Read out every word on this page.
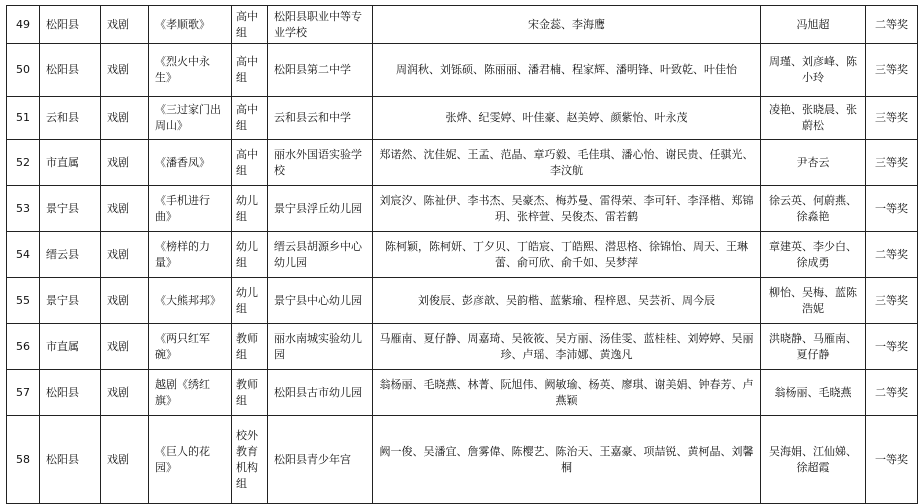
49	松阳县	戏剧	《孝顺歌》	高中组	松阳县职业中等专业学校	宋金蕊、李海鹰	冯旭超	二等奖
50	松阳县	戏剧	《烈火中永生》	高中组	松阳县第二中学	周润秋、刘铄硕、陈丽丽、潘君楠、程家辉、潘明锋、叶致乾、叶佳怡	周瑾、刘彦峰、陈小玲	三等奖
51	云和县	戏剧	《三过家门出周山》	高中组	云和县云和中学	张烨、纪雯婷、叶佳豪、赵美婷、颜紫怡、叶永茂	凌艳、张晓晨、张蔚松	三等奖
52	市直属	戏剧	《潘香凤》	高中组	丽水外国语实验学校	郑诺然、沈佳妮、王孟、范晶、章巧毅、毛佳琪、潘心怡、谢民贵、任骐光、李汶航	尹杏云	三等奖
53	景宁县	戏剧	《手机进行曲》	幼儿组	景宁县浮丘幼儿园	刘宸汐、陈祉伊、李书杰、吴豪杰、梅苏曼、雷得荣、李可轩、李泽楷、郑锦玥、张梓萱、吴俊杰、雷若鹤	徐云英、何蔚燕、徐淼艳	一等奖
54	缙云县	戏剧	《榜样的力量》	幼儿组	缙云县胡源乡中心幼儿园	陈柯颖，陈柯妍、丁夕贝、丁皓宸、丁皓熙、潜思格、徐锦怡、周天、王琳蕾、俞可欣、俞千如、吴梦萍	章建英、李少白、徐成勇	二等奖
55	景宁县	戏剧	《大熊邦邦》	幼儿组	景宁县中心幼儿园	刘俊辰、彭彦歆、吴韵楷、蓝紫瑜、程梓恩、吴芸祈、周今辰	柳怡、吴梅、蓝陈浩妮	三等奖
56	市直属	戏剧	《两只红军碗》	教师组	丽水南城实验幼儿园	马雁南、夏仔静、周嘉琦、吴筱筱、吴方丽、汤佳雯、蓝桂桂、刘婷婷、吴丽珍、卢瑶、李沛娜、黄逸凡	洪晓静、马雁南、夏仔静	一等奖
57	松阳县	戏剧	越剧《绣红旗》	教师组	松阳县古市幼儿园	翁杨丽、毛晓燕、林菁、阮旭伟、阙敏瑜、杨英、廖琪、谢美娟、钟春芳、卢燕颖	翁杨丽、毛晓燕	二等奖
58	松阳县	戏剧	《巨人的花园》	校外教育机构组	松阳县青少年宫	阙一俊、吴潘宜、詹雾偉、陈樱艺、陈治天、王嘉豪、项喆锐、黄柯晶、刘馨桐	吴海娟、江仙娣、徐超霞	一等奖
